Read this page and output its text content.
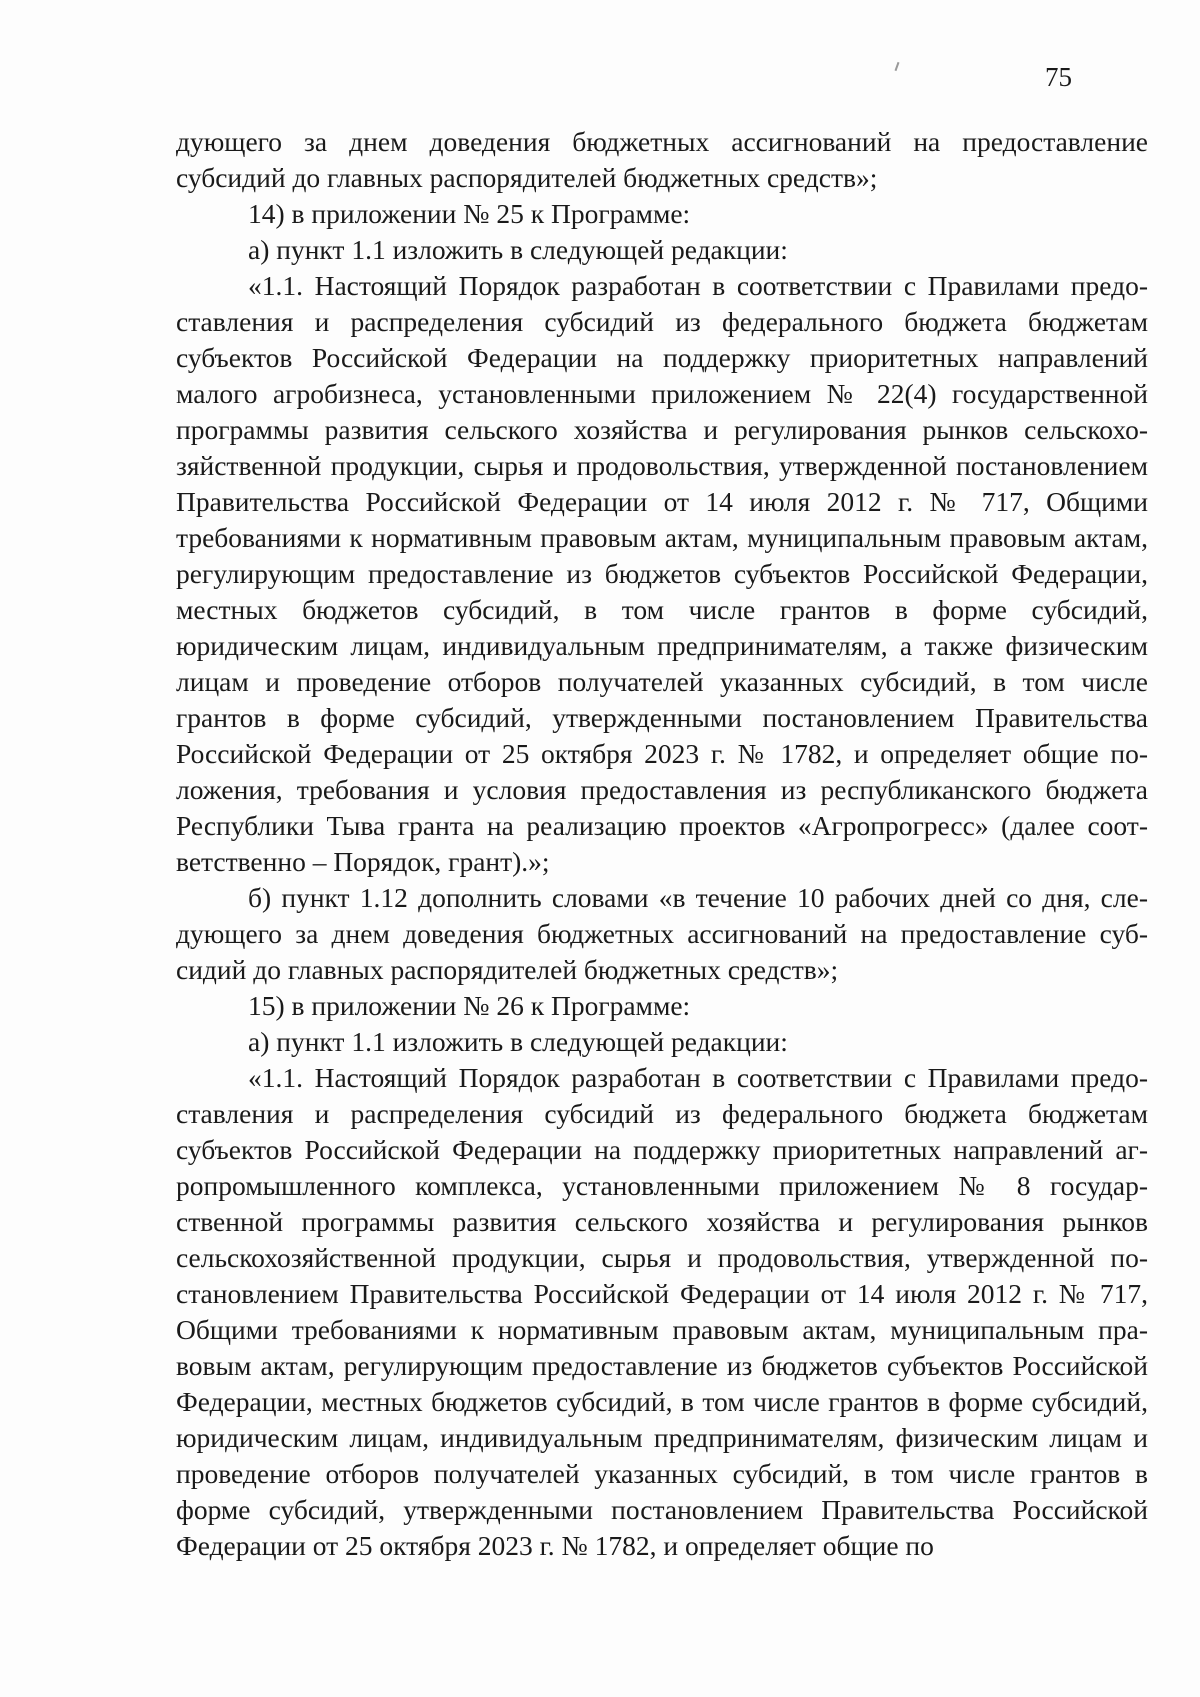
75

дующего за днем доведения бюджетных ассигнований на предоставление субсидий до главных распорядителей бюджетных средств»;

14) в приложении № 25 к Программе:

а) пункт 1.1 изложить в следующей редакции:

«1.1. Настоящий Порядок разработан в соответствии с Правилами предоставления и распределения субсидий из федерального бюджета бюджетам субъектов Российской Федерации на поддержку приоритетных направлений малого агробизнеса, установленными приложением № 22(4) государственной программы развития сельского хозяйства и регулирования рынков сельскохозяйственной продукции, сырья и продовольствия, утвержденной постановлением Правительства Российской Федерации от 14 июля 2012 г. № 717, Общими требованиями к нормативным правовым актам, муниципальным правовым актам, регулирующим предоставление из бюджетов субъектов Российской Федерации, местных бюджетов субсидий, в том числе грантов в форме субсидий, юридическим лицам, индивидуальным предпринимателям, а также физическим лицам и проведение отборов получателей указанных субсидий, в том числе грантов в форме субсидий, утвержденными постановлением Правительства Российской Федерации от 25 октября 2023 г. № 1782, и определяет общие положения, требования и условия предоставления из республиканского бюджета Республики Тыва гранта на реализацию проектов «Агропрогресс» (далее соответственно – Порядок, грант).»;

б) пункт 1.12 дополнить словами «в течение 10 рабочих дней со дня, следующего за днем доведения бюджетных ассигнований на предоставление субсидий до главных распорядителей бюджетных средств»;

15) в приложении № 26 к Программе:

а) пункт 1.1 изложить в следующей редакции:

«1.1. Настоящий Порядок разработан в соответствии с Правилами предоставления и распределения субсидий из федерального бюджета бюджетам субъектов Российской Федерации на поддержку приоритетных направлений агропромышленного комплекса, установленными приложением № 8 государственной программы развития сельского хозяйства и регулирования рынков сельскохозяйственной продукции, сырья и продовольствия, утвержденной постановлением Правительства Российской Федерации от 14 июля 2012 г. № 717, Общими требованиями к нормативным правовым актам, муниципальным правовым актам, регулирующим предоставление из бюджетов субъектов Российской Федерации, местных бюджетов субсидий, в том числе грантов в форме субсидий, юридическим лицам, индивидуальным предпринимателям, физическим лицам и проведение отборов получателей указанных субсидий, в том числе грантов в форме субсидий, утвержденными постановлением Правительства Российской Федерации от 25 октября 2023 г. № 1782, и определяет общие по
